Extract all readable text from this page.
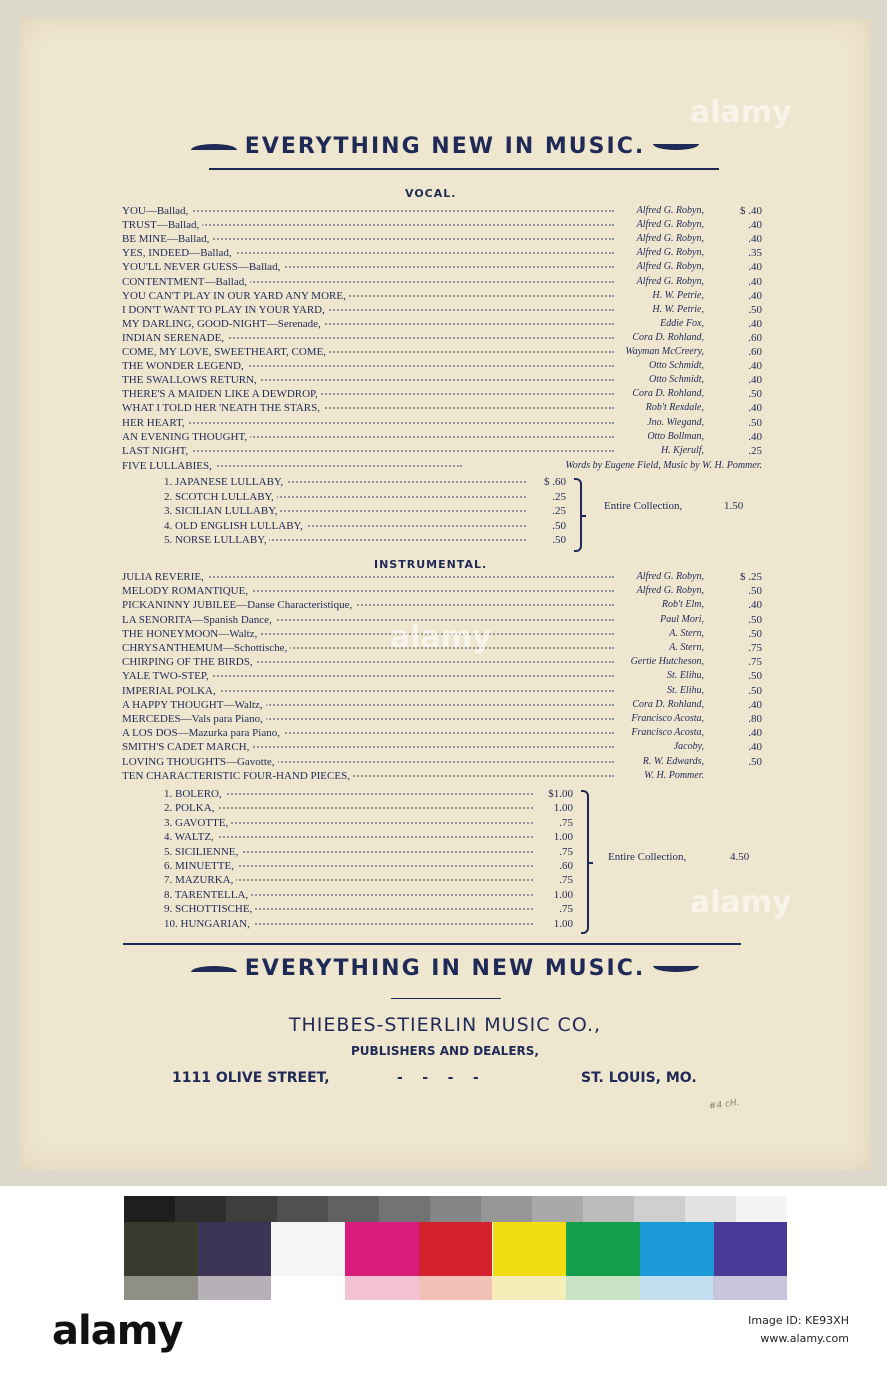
EVERYTHING NEW IN MUSIC.
VOCAL.
YOU—Ballad,	Alfred G. Robyn,	$ .40
TRUST—Ballad,	Alfred G. Robyn,	.40
BE MINE—Ballad,	Alfred G. Robyn,	.40
YES, INDEED—Ballad,	Alfred G. Robyn,	.35
YOU'LL NEVER GUESS—Ballad,	Alfred G. Robyn,	.40
CONTENTMENT—Ballad,	Alfred G. Robyn,	.40
YOU CAN'T PLAY IN OUR YARD ANY MORE,	H. W. Petrie,	.40
I DON'T WANT TO PLAY IN YOUR YARD,	H. W. Petrie,	.50
MY DARLING, GOOD-NIGHT—Serenade,	Eddie Fox,	.40
INDIAN SERENADE,	Cora D. Rohland,	.60
COME, MY LOVE, SWEETHEART, COME,	Wayman McCreery,	.60
THE WONDER LEGEND,	Otto Schmidt,	.40
THE SWALLOWS RETURN,	Otto Schmidt,	.40
THERE'S A MAIDEN LIKE A DEWDROP,	Cora D. Rohland,	.50
WHAT I TOLD HER 'NEATH THE STARS,	Rob't Rexdale,	.40
HER HEART,	Jno. Wiegand,	.50
AN EVENING THOUGHT,	Otto Bollman,	.40
LAST NIGHT,	H. Kjerulf,	.25
FIVE LULLABIES,	Words by Eugene Field, Music by W. H. Pommer.
1. JAPANESE LULLABY,	$ .60
2. SCOTCH LULLABY,	.25
3. SICILIAN LULLABY,	.25
4. OLD ENGLISH LULLABY,	.50
5. NORSE LULLABY,	.50
Entire Collection,	1.50
INSTRUMENTAL.
JULIA REVERIE,	Alfred G. Robyn,	$ .25
MELODY ROMANTIQUE,	Alfred G. Robyn,	.50
PICKANINNY JUBILEE—Danse Characteristique,	Rob't Elm,	.40
LA SENORITA—Spanish Dance,	Paul Mori,	.50
THE HONEYMOON—Waltz,	A. Stern,	.50
CHRYSANTHEMUM—Schottische,	A. Stern,	.75
CHIRPING OF THE BIRDS,	Gertie Hutcheson,	.75
YALE TWO-STEP,	St. Elihu,	.50
IMPERIAL POLKA,	St. Elihu,	.50
A HAPPY THOUGHT—Waltz,	Cora D. Rohland,	.40
MERCEDES—Vals para Piano,	Francisco Acosta,	.80
A LOS DOS—Mazurka para Piano,	Francisco Acosta,	.40
SMITH'S CADET MARCH,	Jacoby,	.40
LOVING THOUGHTS—Gavotte,	R. W. Edwards,	.50
TEN CHARACTERISTIC FOUR-HAND PIECES,	W. H. Pommer.
1. BOLERO,	$1.00
2. POLKA,	1.00
3. GAVOTTE,	.75
4. WALTZ,	1.00
5. SICILIENNE,	.75
6. MINUETTE,	.60
7. MAZURKA,	.75
8. TARENTELLA,	1.00
9. SCHOTTISCHE,	.75
10. HUNGARIAN,	1.00
Entire Collection,	4.50
EVERYTHING IN NEW MUSIC.
THIEBES-STIERLIN MUSIC CO.,
PUBLISHERS AND DEALERS,
1111 OLIVE STREET,	-    -    -    -	ST. LOUIS, MO.
#4 cH.
alamy
alamy
alamy
alamy	Image ID: KE93XH
www.alamy.com
